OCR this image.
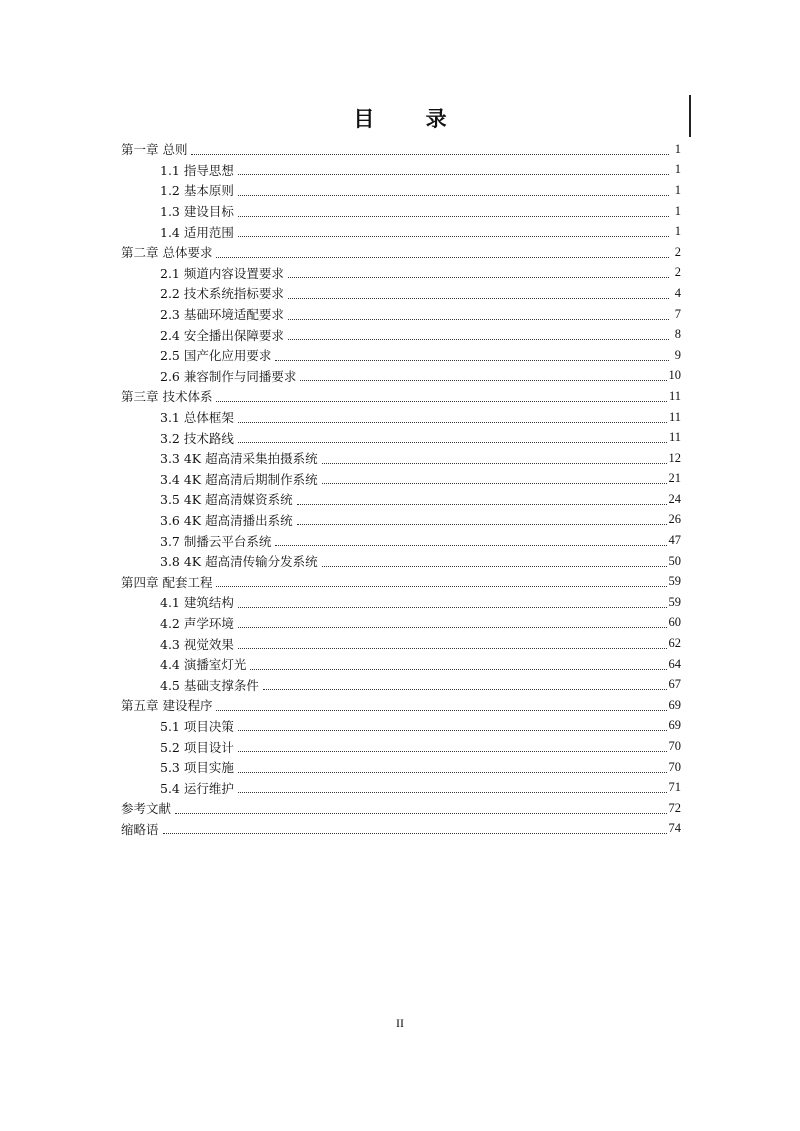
目 录
第一章 总则	1
1.1 指导思想	1
1.2 基本原则	1
1.3 建设目标	1
1.4 适用范围	1
第二章 总体要求	2
2.1 频道内容设置要求	2
2.2 技术系统指标要求	4
2.3 基础环境适配要求	7
2.4 安全播出保障要求	8
2.5 国产化应用要求	9
2.6 兼容制作与同播要求	10
第三章 技术体系	11
3.1 总体框架	11
3.2 技术路线	11
3.3 4K 超高清采集拍摄系统	12
3.4 4K 超高清后期制作系统	21
3.5 4K 超高清媒资系统	24
3.6 4K 超高清播出系统	26
3.7 制播云平台系统	47
3.8 4K 超高清传输分发系统	50
第四章 配套工程	59
4.1 建筑结构	59
4.2 声学环境	60
4.3 视觉效果	62
4.4 演播室灯光	64
4.5 基础支撑条件	67
第五章 建设程序	69
5.1 项目决策	69
5.2 项目设计	70
5.3 项目实施	70
5.4 运行维护	71
参考文献	72
缩略语	74
II
